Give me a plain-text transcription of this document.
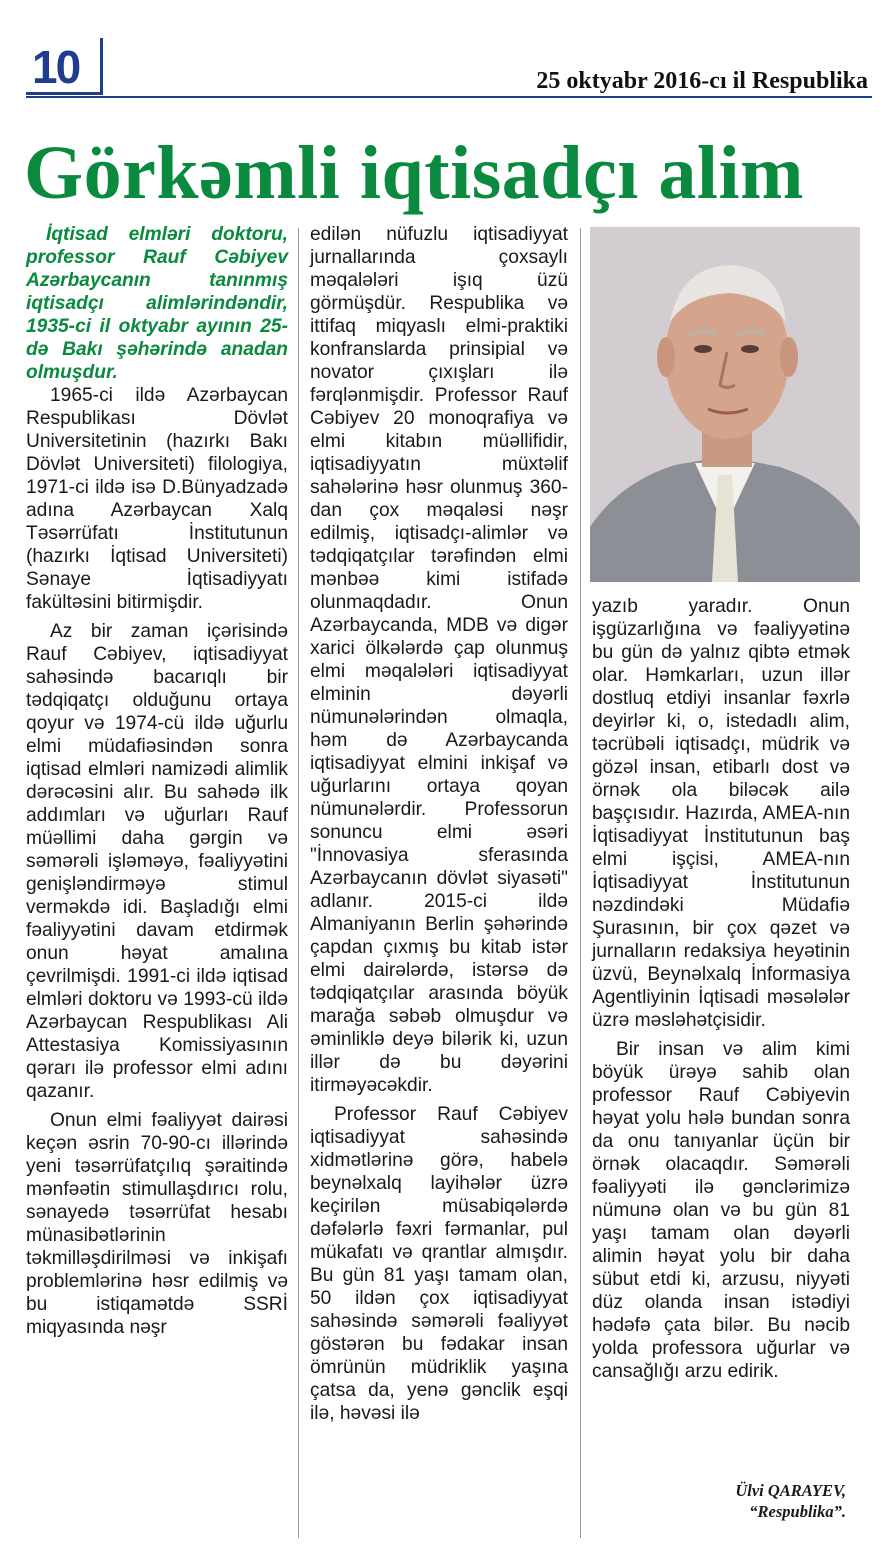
10	25 oktyabr 2016-cı il Respublika
Görkəmli iqtisadçı alim

İqtisad elmləri doktoru, professor Rauf Cəbiyev Azərbaycanın tanınmış iqtisadçı alimlərindəndir, 1935-ci il oktyabr ayının 25-də Bakı şəhərində anadan olmuşdur.

1965-ci ildə Azərbaycan Respublikası Dövlət Universitetinin (hazırkı Bakı Dövlət Universiteti) filologiya, 1971-ci ildə isə D.Bünyadzadə adına Azərbaycan Xalq Təsərrüfatı İnstitutunun (hazırkı İqtisad Universiteti) Sənaye İqtisadiyyatı fakültəsini bitirmişdir.

Az bir zaman içərisində Rauf Cəbiyev, iqtisadiyyat sahəsində bacarıqlı bir tədqiqatçı olduğunu ortaya qoyur və 1974-cü ildə uğurlu elmi müdafiəsindən sonra iqtisad elmləri namizədi alimlik dərəcəsini alır. Bu sahədə ilk addımları və uğurları Rauf müəllimi daha gərgin və səmərəli işləməyə, fəaliyyətini genişləndirməyə stimul verməkdə idi. Başladığı elmi fəaliyyətini davam etdirmək onun həyat amalına çevrilmişdi. 1991-ci ildə iqtisad elmləri doktoru və 1993-cü ildə Azərbaycan Respublikası Ali Attestasiya Komissiyasının qərarı ilə professor elmi adını qazanır.

Onun elmi fəaliyyət dairəsi keçən əsrin 70-90-cı illərində yeni təsərrüfatçılıq şəraitində mənfəətin stimullaşdırıcı rolu, sənayedə təsərrüfat hesabı münasibətlərinin təkmilləşdirilməsi və inkişafı problemlərinə həsr edilmiş və bu istiqamətdə SSRİ miqyasında nəşr

edilən nüfuzlu iqtisadiyyat jurnallarında çoxsaylı məqalələri işıq üzü görmüşdür. Respublika və ittifaq miqyaslı elmi-praktiki konfranslarda prinsipial və novator çıxışları ilə fərqlənmişdir. Professor Rauf Cəbiyev 20 monoqrafiya və elmi kitabın müəllifidir, iqtisadiyyatın müxtəlif sahələrinə həsr olunmuş 360-dan çox məqaləsi nəşr edilmiş, iqtisadçı-alimlər və tədqiqatçılar tərəfindən elmi mənbəə kimi istifadə olunmaqdadır. Onun Azərbaycanda, MDB və digər xarici ölkələrdə çap olunmuş elmi məqalələri iqtisadiyyat elminin dəyərli nümunələrindən olmaqla, həm də Azərbaycanda iqtisadiyyat elmini inkişaf və uğurlarını ortaya qoyan nümunələrdir. Professorun sonuncu elmi əsəri "İnnovasiya sferasında Azərbaycanın dövlət siyasəti" adlanır. 2015-ci ildə Almaniyanın Berlin şəhərində çapdan çıxmış bu kitab istər elmi dairələrdə, istərsə də tədqiqatçılar arasında böyük marağa səbəb olmuşdur və əminliklə deyə bilərik ki, uzun illər də bu dəyərini itirməyəcəkdir.

Professor Rauf Cəbiyev iqtisadiyyat sahəsində xidmətlərinə görə, habelə beynəlxalq layihələr üzrə keçirilən müsabiqələrdə dəfələrlə fəxri fərmanlar, pul mükafatı və qrantlar almışdır. Bu gün 81 yaşı tamam olan, 50 ildən çox iqtisadiyyat sahəsində səmərəli fəaliyyət göstərən bu fədakar insan ömrünün müdriklik yaşına çatsa da, yenə gənclik eşqi ilə, həvəsi ilə

yazıb yaradır. Onun işgüzarlığına və fəaliyyətinə bu gün də yalnız qibtə etmək olar. Həmkarları, uzun illər dostluq etdiyi insanlar fəxrlə deyirlər ki, o, istedadlı alim, təcrübəli iqtisadçı, müdrik və gözəl insan, etibarlı dost və örnək ola biləcək ailə başçısıdır. Hazırda, AMEA-nın İqtisadiyyat İnstitutunun baş elmi işçisi, AMEA-nın İqtisadiyyat İnstitutunun nəzdindəki Müdafiə Şurasının, bir çox qəzet və jurnalların redaksiya heyətinin üzvü, Beynəlxalq İnformasiya Agentliyinin İqtisadi məsələlər üzrə məsləhətçisidir.

Bir insan və alim kimi böyük ürəyə sahib olan professor Rauf Cəbiyevin həyat yolu hələ bundan sonra da onu tanıyanlar üçün bir örnək olacaqdır. Səmərəli fəaliyyəti ilə gənclərimizə nümunə olan və bu gün 81 yaşı tamam olan dəyərli alimin həyat yolu bir daha sübut etdi ki, arzusu, niyyəti düz olanda insan istədiyi hədəfə çata bilər. Bu nəcib yolda professora uğurlar və cansağlığı arzu edirik.

Ülvi QARAYEV,
“Respublika”.
